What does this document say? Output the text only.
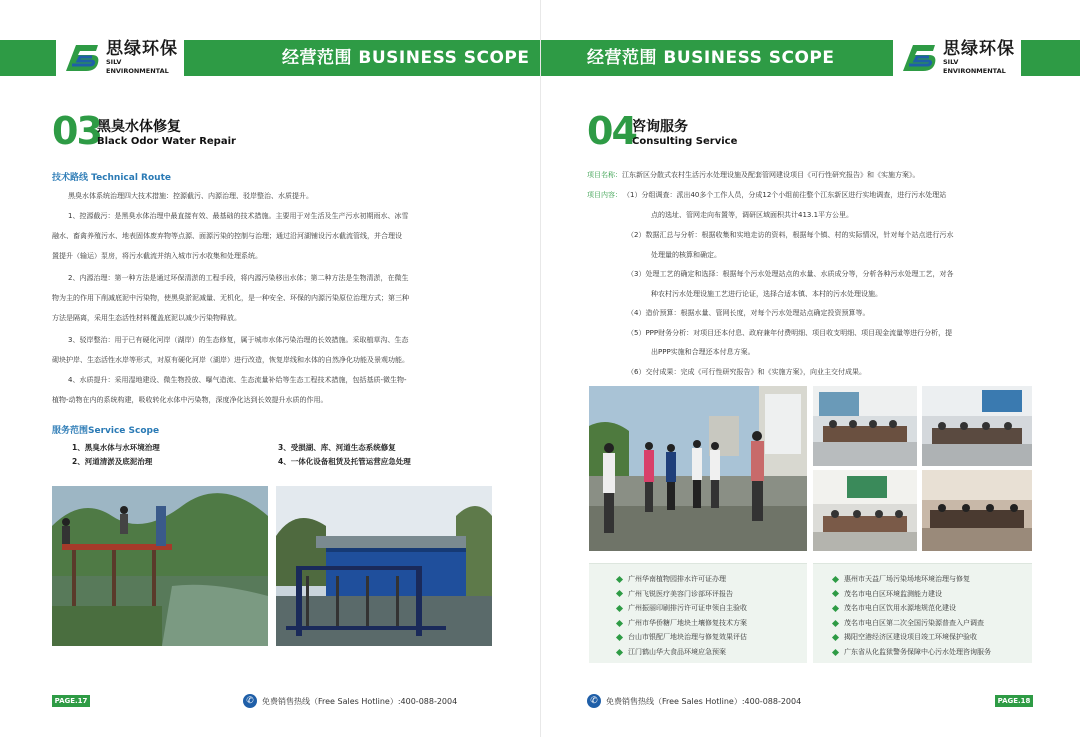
思绿环保
SILV ENVIRONMENTAL
经营范围 BUSINESS SCOPE
03
黑臭水体修复
Black Odor Water Repair
技术路线 Technical Route
黑臭水体系统治理四大技术措施：控源截污、内源治理、驳岸整治、水质提升。
1、控源截污：是黑臭水体治理中最直接有效、最基础的技术措施。主要用于对生活及生产污水初期雨水、冰雪
融水、畜禽养殖污水、地表固体废弃物等点源、面源污染的控制与治理；通过沿河湖铺设污水截流管线，并合理设
置提升（输运）泵房，将污水截流并纳入城市污水收集和处理系统。
2、内源治理：第一种方法是通过环保清淤的工程手段，将内源污染移出水体；第二种方法是生物清淤，在微生
物为主的作用下削减底泥中污染物，使黑臭淤泥减量、无机化，是一种安全、环保的内源污染原位治理方式；第三种
方法是隔离，采用生态活性材料覆盖底泥以减少污染物释放。
3、驳岸整治：用于已有硬化河岸（湖岸）的生态修复，属于城市水体污染治理的长效措施。采取植草沟、生态
砌块护岸、生态活性水岸等形式，对原有硬化河岸（湖岸）进行改造，恢复岸线和水体的自然净化功能及景观功能。
4、水质提升：采用湿地建设、微生物投放、曝气造流、生态流量补给等生态工程技术措施，包括基质-微生物-
植物-动物在内的系统构建，吸收转化水体中污染物，深度净化达到长效提升水质的作用。
服务范围Service Scope
1、黑臭水体与水环境治理
2、河道清淤及底泥治理
3、受损湖、库、河道生态系统修复
4、一体化设备租赁及托管运营应急处理
PAGE.17	✆	免费销售热线（Free Sales Hotline）:400-088-2004
思绿环保
SILV ENVIRONMENTAL
经营范围 BUSINESS SCOPE
04
咨询服务
Consulting Service
项目名称：江东新区分散式农村生活污水处理设施及配套管网建设项目《可行性研究报告》和《实施方案》。
项目内容： （1）分组调查：派出40多个工作人员，分成12个小组前往整个江东新区进行实地调查，进行污水处理站
点的选址、管网走向布置等，调研区域面积共计413.1平方公里。
（2）数据汇总与分析：根据收集和实地走访的资料，根据每个镇、村的实际情况，针对每个站点进行污水
处理量的核算和确定。
（3）处理工艺的确定和选择：根据每个污水处理站点的水量、水质成分等，分析各种污水处理工艺，对各
种农村污水处理设施工艺进行论证，选择合适本镇、本村的污水处理设施。
（4）造价预算：根据水量、管网长度，对每个污水处理站点确定投资预算等。
（5）PPP财务分析：对项目还本付息、政府兼年付费明细、项目收支明细、项目现金流量等进行分析，提
出PPP实施和合理还本付息方案。
（6）交付成果：完成《可行性研究报告》和《实施方案》，向业主交付成果。
广州华南植物园排水许可证办理
广州飞锐医疗美容门诊部环评报告
广州振丽印刷排污许可证申领自主验收
广州市华侨糖厂地块土壤修复技术方案
台山市银配厂地块治理与修复效果评估
江门鹤山华大食品环境应急预案
惠州市天益厂场污染场地环境治理与修复
茂名市电白区环境监测能力建设
茂名市电白区饮用水源地规范化建设
茂名市电白区第二次全国污染源普查入户调查
揭阳空港经济区建设项目竣工环境保护验收
广东省从化监狱警务保障中心污水处理咨询服务
✆	免费销售热线（Free Sales Hotline）:400-088-2004	PAGE.18
